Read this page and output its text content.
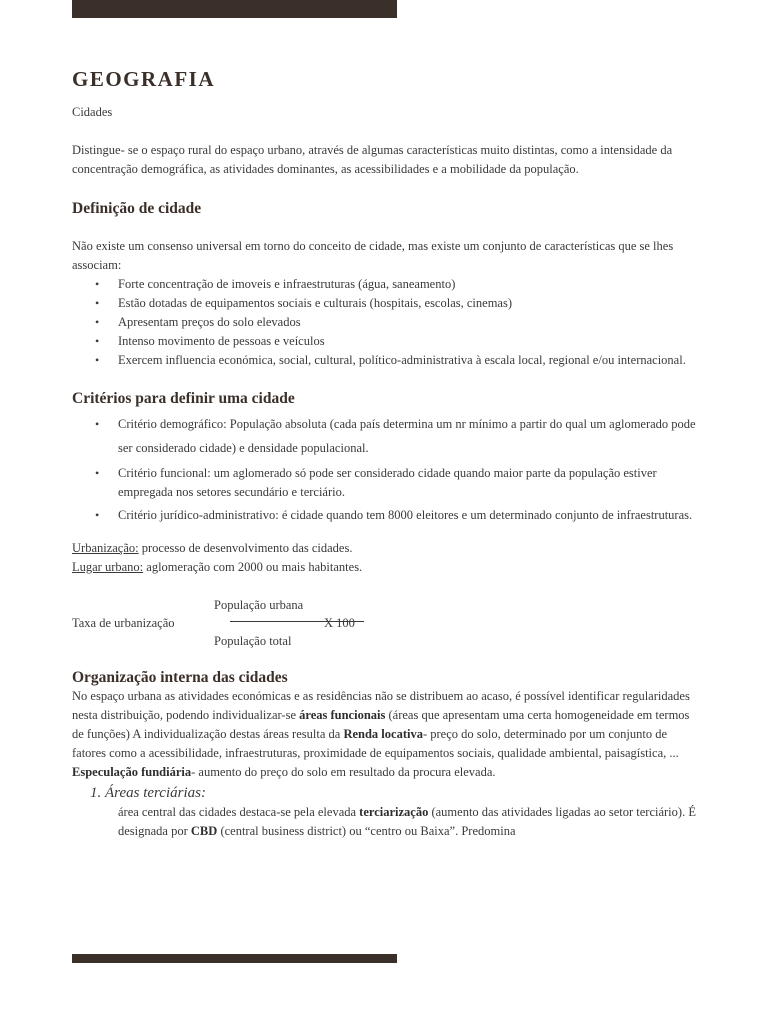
GEOGRAFIA

Cidades

Distingue- se o espaço rural do espaço urbano, através de algumas características muito distintas, como a intensidade da concentração demográfica, as atividades dominantes, as acessibilidades e a mobilidade da população.

Definição de cidade

Não existe um consenso universal em torno do conceito de cidade, mas existe um conjunto de características que se lhes associam:

• Forte concentração de imoveis e infraestruturas (água, saneamento)
• Estão dotadas de equipamentos sociais e culturais (hospitais, escolas, cinemas)
• Apresentam preços do solo elevados
• Intenso movimento de pessoas e veículos
• Exercem influencia económica, social, cultural, político-administrativa à escala local, regional e/ou internacional.
Critérios para definir uma cidade
• Critério demográfico: População absoluta (cada país determina um nr mínimo a partir do qual um aglomerado pode ser considerado cidade) e densidade populacional.
• Critério funcional: um aglomerado só pode ser considerado cidade quando maior parte da população estiver empregada nos setores secundário e terciário.
• Critério jurídico-administrativo: é cidade quando tem 8000 eleitores e um determinado conjunto de infraestruturas.

Urbanização: processo de desenvolvimento das cidades.

Lugar urbano: aglomeração com 2000 ou mais habitantes.

População urbana
Taxa de urbanização	X 100
População total
Organização interna das cidades

No espaço urbana as atividades económicas e as residências não se distribuem ao acaso, é possível identificar regularidades nesta distribuição, podendo individualizar-se áreas funcionais (áreas que apresentam uma certa homogeneidade em termos de funções) A individualização destas áreas resulta da Renda locativa- preço do solo, determinado por um conjunto de fatores como a acessibilidade, infraestruturas, proximidade de equipamentos sociais, qualidade ambiental, paisagística, ...

Especulação fundiária- aumento do preço do solo em resultado da procura elevada.

1. Áreas terciárias:

área central das cidades destaca-se pela elevada terciarização (aumento das atividades ligadas ao setor terciário). É designada por CBD (central business district) ou “centro ou Baixa”. Predomina
